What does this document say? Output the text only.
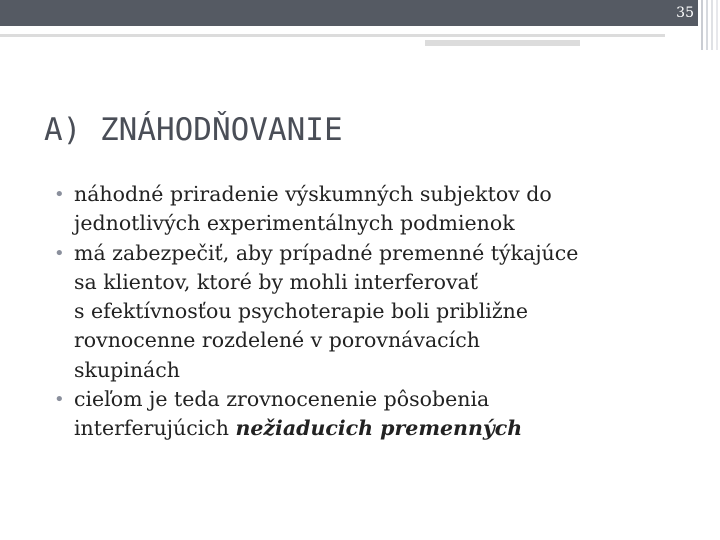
35
A) ZNÁHODŇOVANIE
• náhodné priradenie výskumných subjektov do
jednotlivých experimentálnych podmienok
• má zabezpečiť, aby prípadné premenné týkajúce
sa klientov, ktoré by mohli interferovať
s efektívnosťou psychoterapie boli približne
rovnocenne rozdelené v porovnávacích
skupinách
• cieľom je teda zrovnocenenie pôsobenia
interferujúcich nežiaducich premenných
